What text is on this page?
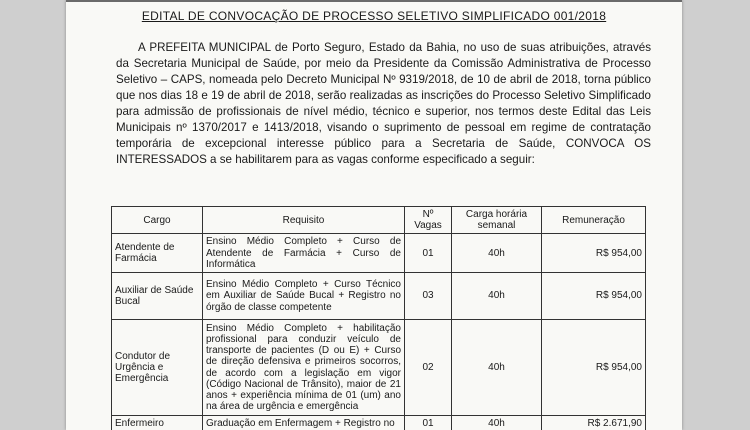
EDITAL DE CONVOCAÇÃO DE PROCESSO SELETIVO SIMPLIFICADO 001/2018

A PREFEITA MUNICIPAL de Porto Seguro, Estado da Bahia, no uso de suas atribuições, através da Secretaria Municipal de Saúde, por meio da Presidente da Comissão Administrativa de Processo Seletivo – CAPS, nomeada pelo Decreto Municipal Nº 9319/2018, de 10 de abril de 2018, torna público que nos dias 18 e 19 de abril de 2018, serão realizadas as inscrições do Processo Seletivo Simplificado para admissão de profissionais de nível médio, técnico e superior, nos termos deste Edital das Leis Municipais nº 1370/2017 e 1413/2018, visando o suprimento de pessoal em regime de contratação temporária de excepcional interesse público para a Secretaria de Saúde, CONVOCA OS INTERESSADOS a se habilitarem para as vagas conforme especificado a seguir:

Cargo	Requisito	Nº Vagas	Carga horária semanal	Remuneração
Atendente de Farmácia	Ensino Médio Completo + Curso de Atendente de Farmácia + Curso de Informática	01	40h	R$ 954,00
Auxiliar de Saúde Bucal	Ensino Médio Completo + Curso Técnico em Auxiliar de Saúde Bucal + Registro no órgão de classe competente	03	40h	R$ 954,00
Condutor de Urgência e Emergência	Ensino Médio Completo + habilitação profissional para conduzir veículo de transporte de pacientes (D ou E) + Curso de direção defensiva e primeiros socorros, de acordo com a legislação em vigor (Código Nacional de Trânsito), maior de 21 anos + experiência mínima de 01 (um) ano na área de urgência e emergência	02	40h	R$ 954,00
Enfermeiro	Graduação em Enfermagem + Registro no	01	40h	R$ 2.671,90
